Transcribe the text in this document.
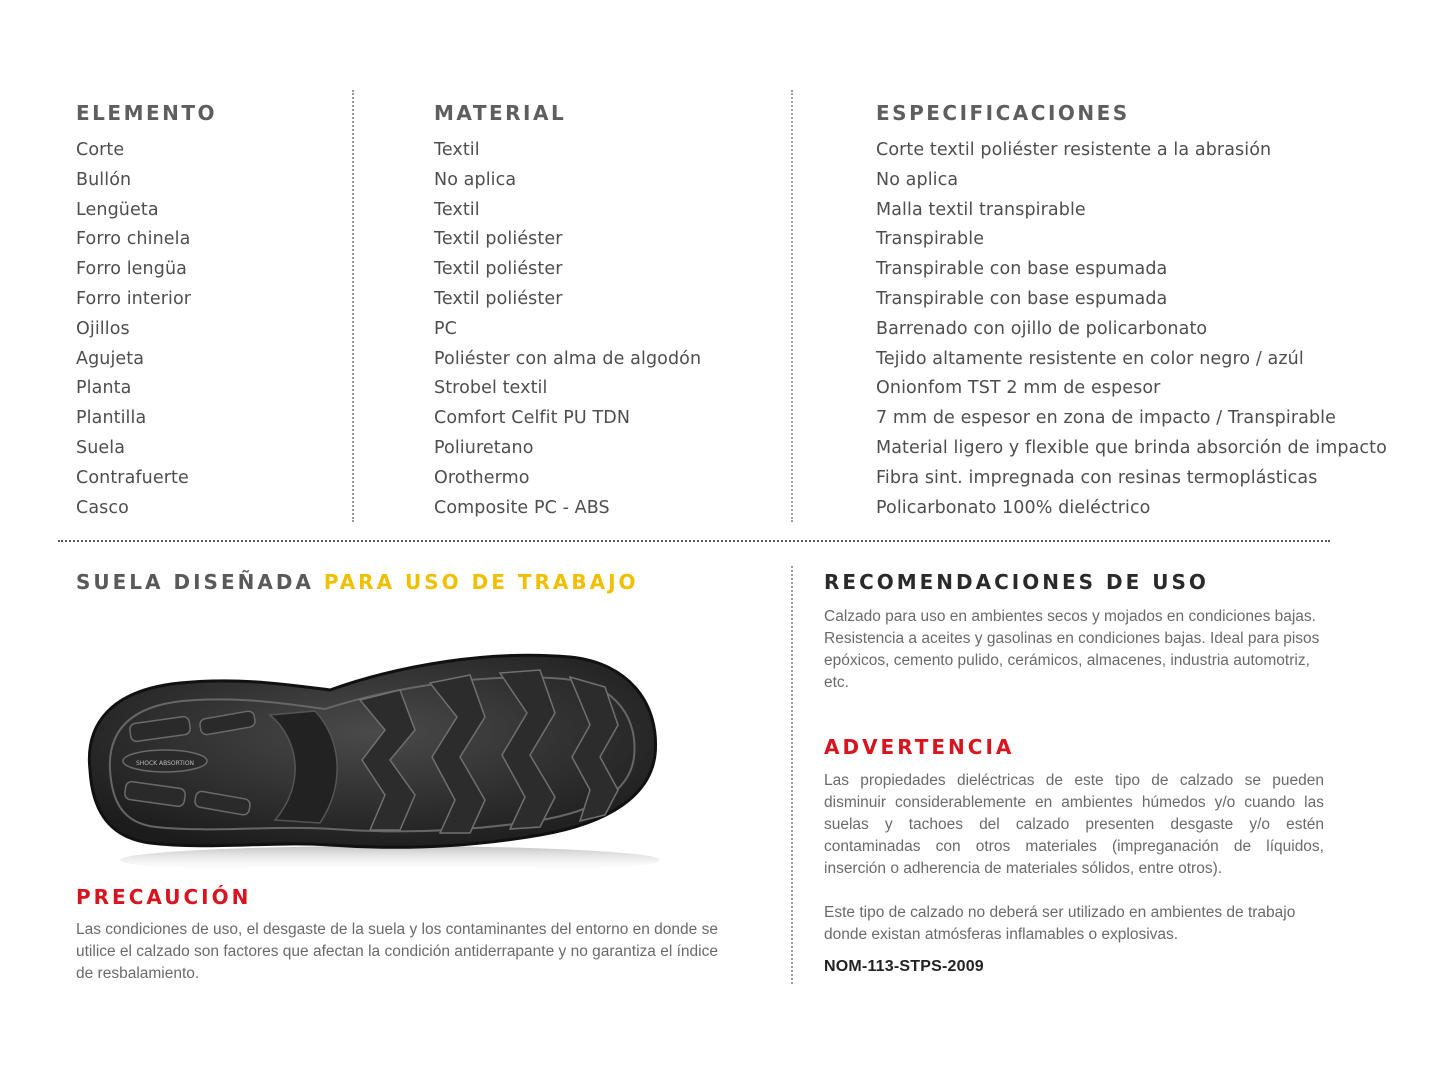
ELEMENTO
Corte
Bullón
Lengüeta
Forro chinela
Forro lengüa
Forro interior
Ojillos
Agujeta
Planta
Plantilla
Suela
Contrafuerte
Casco
MATERIAL
Textil
No aplica
Textil
Textil poliéster
Textil poliéster
Textil poliéster
PC
Poliéster con alma de algodón
Strobel textil
Comfort Celfit PU TDN
Poliuretano
Orothermo
Composite PC - ABS
ESPECIFICACIONES
Corte textil poliéster resistente a la abrasión
No aplica
Malla textil transpirable
Transpirable
Transpirable con base espumada
Transpirable con base espumada
Barrenado con ojillo de policarbonato
Tejido altamente resistente en color negro / azúl
Onionfom TST 2 mm de espesor
7 mm de espesor en zona de impacto / Transpirable
Material ligero y flexible que brinda absorción de impacto
Fibra sint. impregnada con resinas termoplásticas
Policarbonato 100% dieléctrico
SUELA DISEÑADA PARA USO DE TRABAJO
SHOCK ABSORTION
PRECAUCIÓN

Las condiciones de uso, el desgaste de la suela y los contaminantes del entorno en donde se utilice el calzado son factores que afectan la condición antiderrapante y no garantiza el índice de resbalamiento.

RECOMENDACIONES DE USO

Calzado para uso en ambientes secos y mojados en condiciones bajas. Resistencia a aceites y gasolinas en condiciones bajas. Ideal para pisos epóxicos, cemento pulido, cerámicos, almacenes, industria automotriz, etc.

ADVERTENCIA

Las propiedades dieléctricas de este tipo de calzado se pueden disminuir considerablemente en ambientes húmedos y/o cuando las suelas y tachoes del calzado presenten desgaste y/o estén contaminadas con otros materiales (impreganación de líquidos, inserción o adherencia de materiales sólidos, entre otros).

Este tipo de calzado no deberá ser utilizado en ambientes de trabajo donde existan atmósferas inflamables o explosivas.

NOM-113-STPS-2009
